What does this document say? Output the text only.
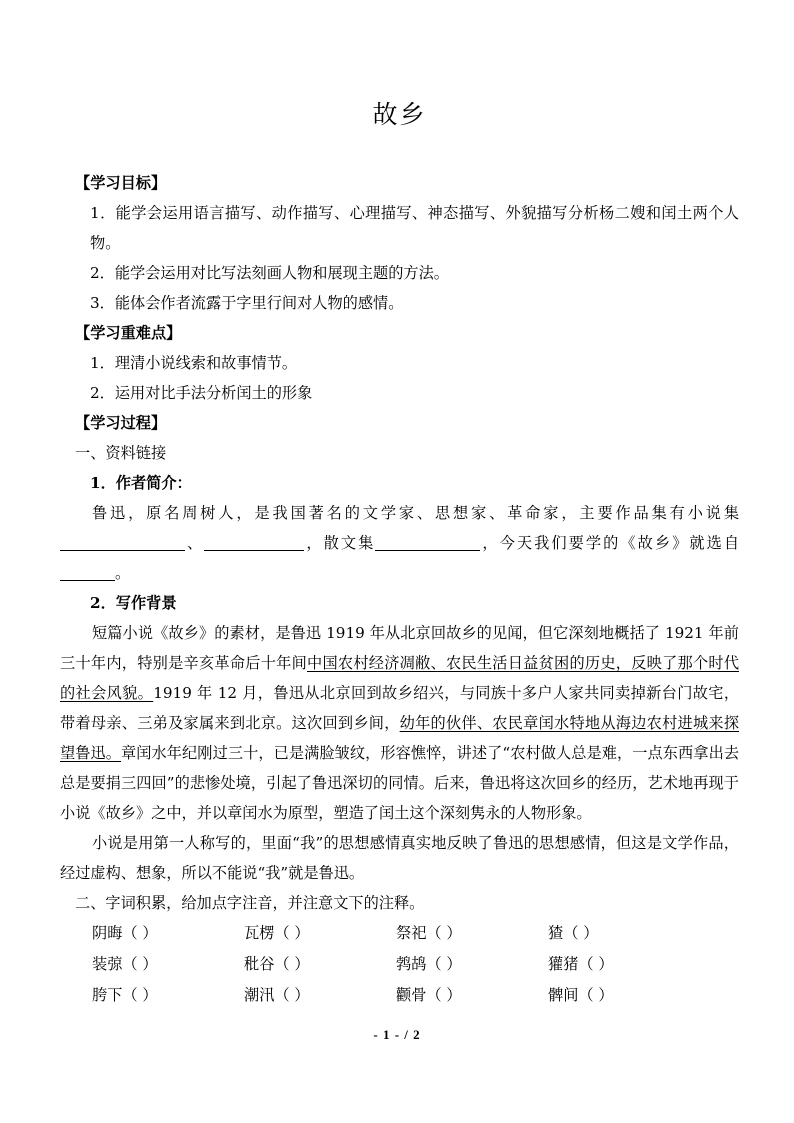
故乡

【学习目标】

1．能学会运用语言描写、动作描写、心理描写、神态描写、外貌描写分析杨二嫂和闰土两个人物。

2．能学会运用对比写法刻画人物和展现主题的方法。

3．能体会作者流露于字里行间对人物的感情。

【学习重难点】

1．理清小说线索和故事情节。

2．运用对比手法分析闰土的形象

【学习过程】

一、资料链接

1．作者简介：

鲁迅，原名周树人，是我国著名的文学家、思想家、革命家，主要作品集有小说集、	，散文集	，今天我们要学的《故乡》就选自。

2．写作背景

短篇小说《故乡》的素材，是鲁迅 1919 年从北京回故乡的见闻，但它深刻地概括了 1921 年前三十年内，特别是辛亥革命后十年间中国农村经济凋敝、农民生活日益贫困的历史，反映了那个时代的社会风貌。1919 年 12 月，鲁迅从北京回到故乡绍兴，与同族十多户人家共同卖掉新台门故宅，带着母亲、三弟及家属来到北京。这次回到乡间，幼年的伙伴、农民章闰水特地从海边农村进城来探望鲁迅。章闰水年纪刚过三十，已是满脸皱纹，形容憔悴，讲述了“农村做人总是难，一点东西拿出去总是要捐三四回”的悲惨处境，引起了鲁迅深切的同情。后来，鲁迅将这次回乡的经历，艺术地再现于小说《故乡》之中，并以章闰水为原型，塑造了闰土这个深刻隽永的人物形象。

小说是用第一人称写的，里面“我”的思想感情真实地反映了鲁迅的思想感情，但这是文学作品，经过虚构、想象，所以不能说“我”就是鲁迅。

二、字词积累，给加点字注音，并注意文下的注释。

阴晦（ ）	瓦楞（ ）	祭祀（ ）	猹（ ）
装弶（ ）	秕谷（ ）	鹁鸪（ ）	獾猪（ ）
胯下（ ）	潮汛（ ）	颧骨（ ）	髀间（ ）
- 1 - / 2
